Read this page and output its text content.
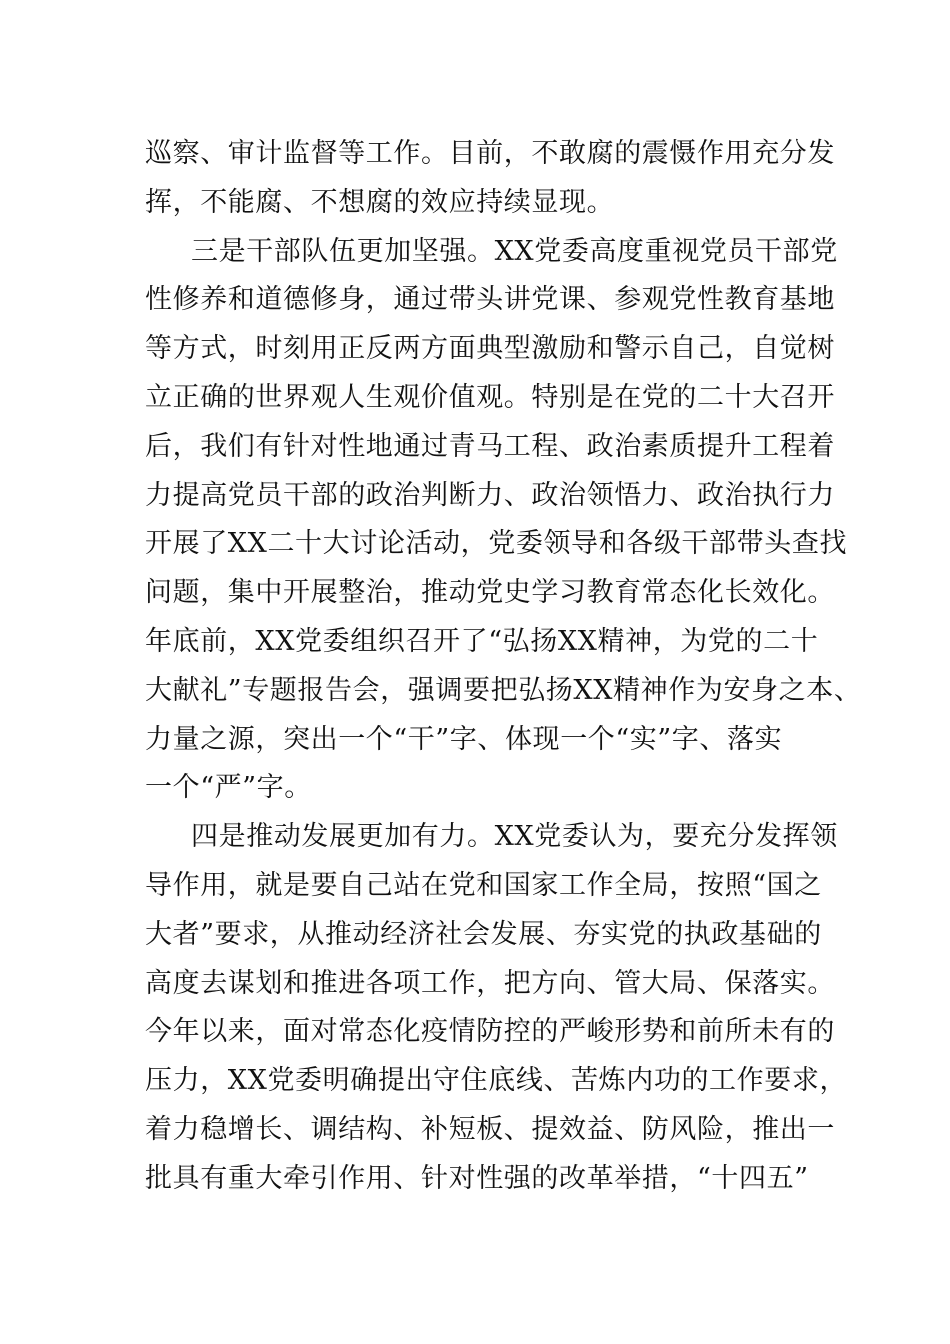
巡察、审计监督等工作。目前，不敢腐的震慑作用充分发
挥，不能腐、不想腐的效应持续显现。
三是干部队伍更加坚强。XX党委高度重视党员干部党
性修养和道德修身，通过带头讲党课、参观党性教育基地
等方式，时刻用正反两方面典型激励和警示自己，自觉树
立正确的世界观人生观价值观。特别是在党的二十大召开
后，我们有针对性地通过青马工程、政治素质提升工程着
力提高党员干部的政治判断力、政治领悟力、政治执行力
开展了XX二十大讨论活动，党委领导和各级干部带头查找
问题，集中开展整治，推动党史学习教育常态化长效化。
年底前，XX党委组织召开了“弘扬XX精神，为党的二十
大献礼”专题报告会，强调要把弘扬XX精神作为安身之本、
力量之源，突出一个“干”字、体现一个“实”字、落实
一个“严”字。
四是推动发展更加有力。XX党委认为，要充分发挥领
导作用，就是要自己站在党和国家工作全局，按照“国之
大者”要求，从推动经济社会发展、夯实党的执政基础的
高度去谋划和推进各项工作，把方向、管大局、保落实。
今年以来，面对常态化疫情防控的严峻形势和前所未有的
压力，XX党委明确提出守住底线、苦炼内功的工作要求，
着力稳增长、调结构、补短板、提效益、防风险，推出一
批具有重大牵引作用、针对性强的改革举措，“十四五”
